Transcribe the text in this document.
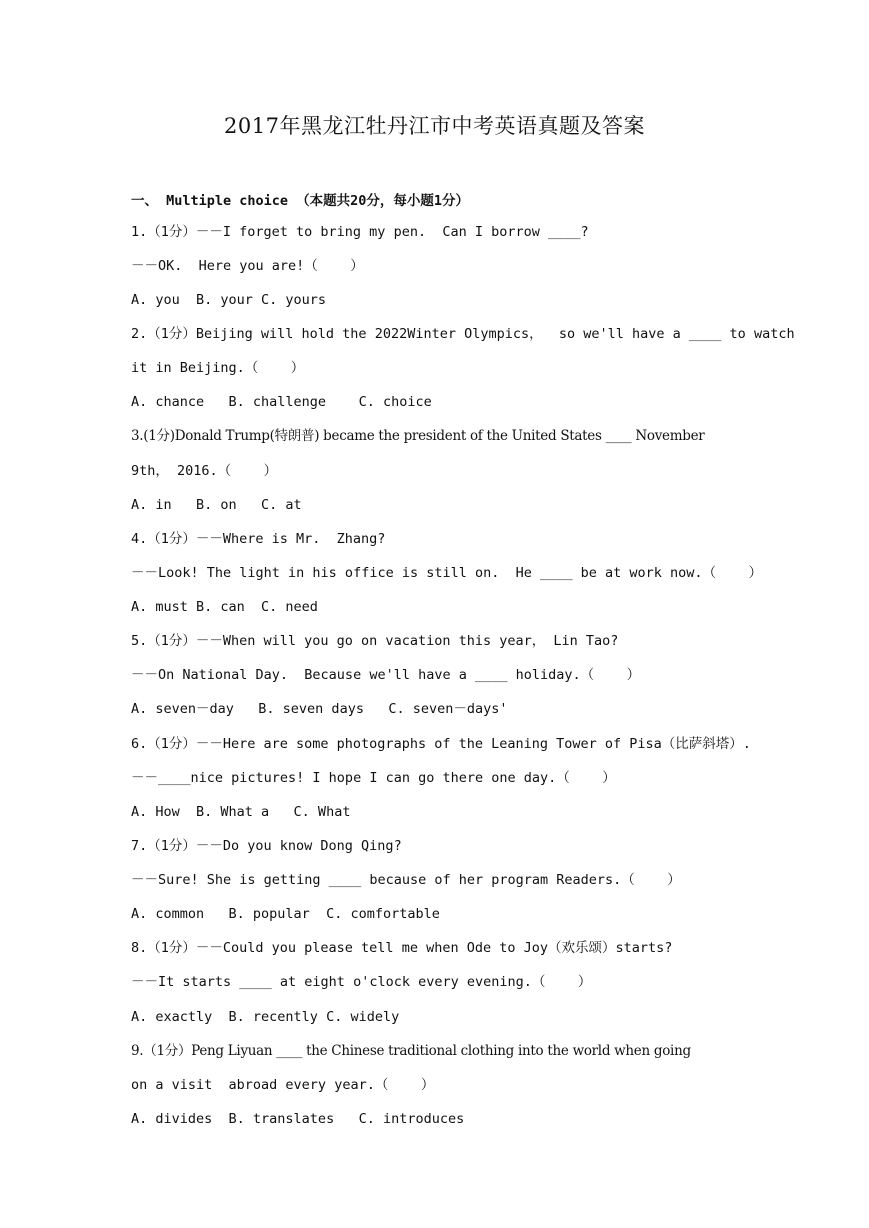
2017年黑龙江牡丹江市中考英语真题及答案
一、 Multiple choice （本题共20分，每小题1分）
1.（1分）－－I forget to bring my pen.  Can I borrow ____?
－－OK.  Here you are!（    ）
A. you  B. your C. yours
2.（1分）Beijing will hold the 2022Winter Olympics，  so we'll have a ____ to watch
it in Beijing.（    ）
A. chance   B. challenge    C. choice
3.(1分)Donald Trump(特朗普) became the president of the United States ____ November
9th， 2016.（    ）
A. in   B. on   C. at
4.（1分）－－Where is Mr.  Zhang?
－－Look! The light in his office is still on.  He ____ be at work now.（    ）
A. must B. can  C. need
5.（1分）－－When will you go on vacation this year， Lin Tao?
－－On National Day.  Because we'll have a ____ holiday.（    ）
A. seven－day   B. seven days   C. seven－days'
6.（1分）－－Here are some photographs of the Leaning Tower of Pisa（比萨斜塔）.
－－____nice pictures! I hope I can go there one day.（    ）
A. How  B. What a   C. What
7.（1分）－－Do you know Dong Qing?
－－Sure! She is getting ____ because of her program Readers.（    ）
A. common   B. popular  C. comfortable
8.（1分）－－Could you please tell me when Ode to Joy（欢乐颂）starts?
－－It starts ____ at eight o'clock every evening.（    ）
A. exactly  B. recently C. widely
9.（1分）Peng Liyuan ____ the Chinese traditional clothing into the world when going
on a visit  abroad every year.（    ）
A. divides  B. translates   C. introduces
